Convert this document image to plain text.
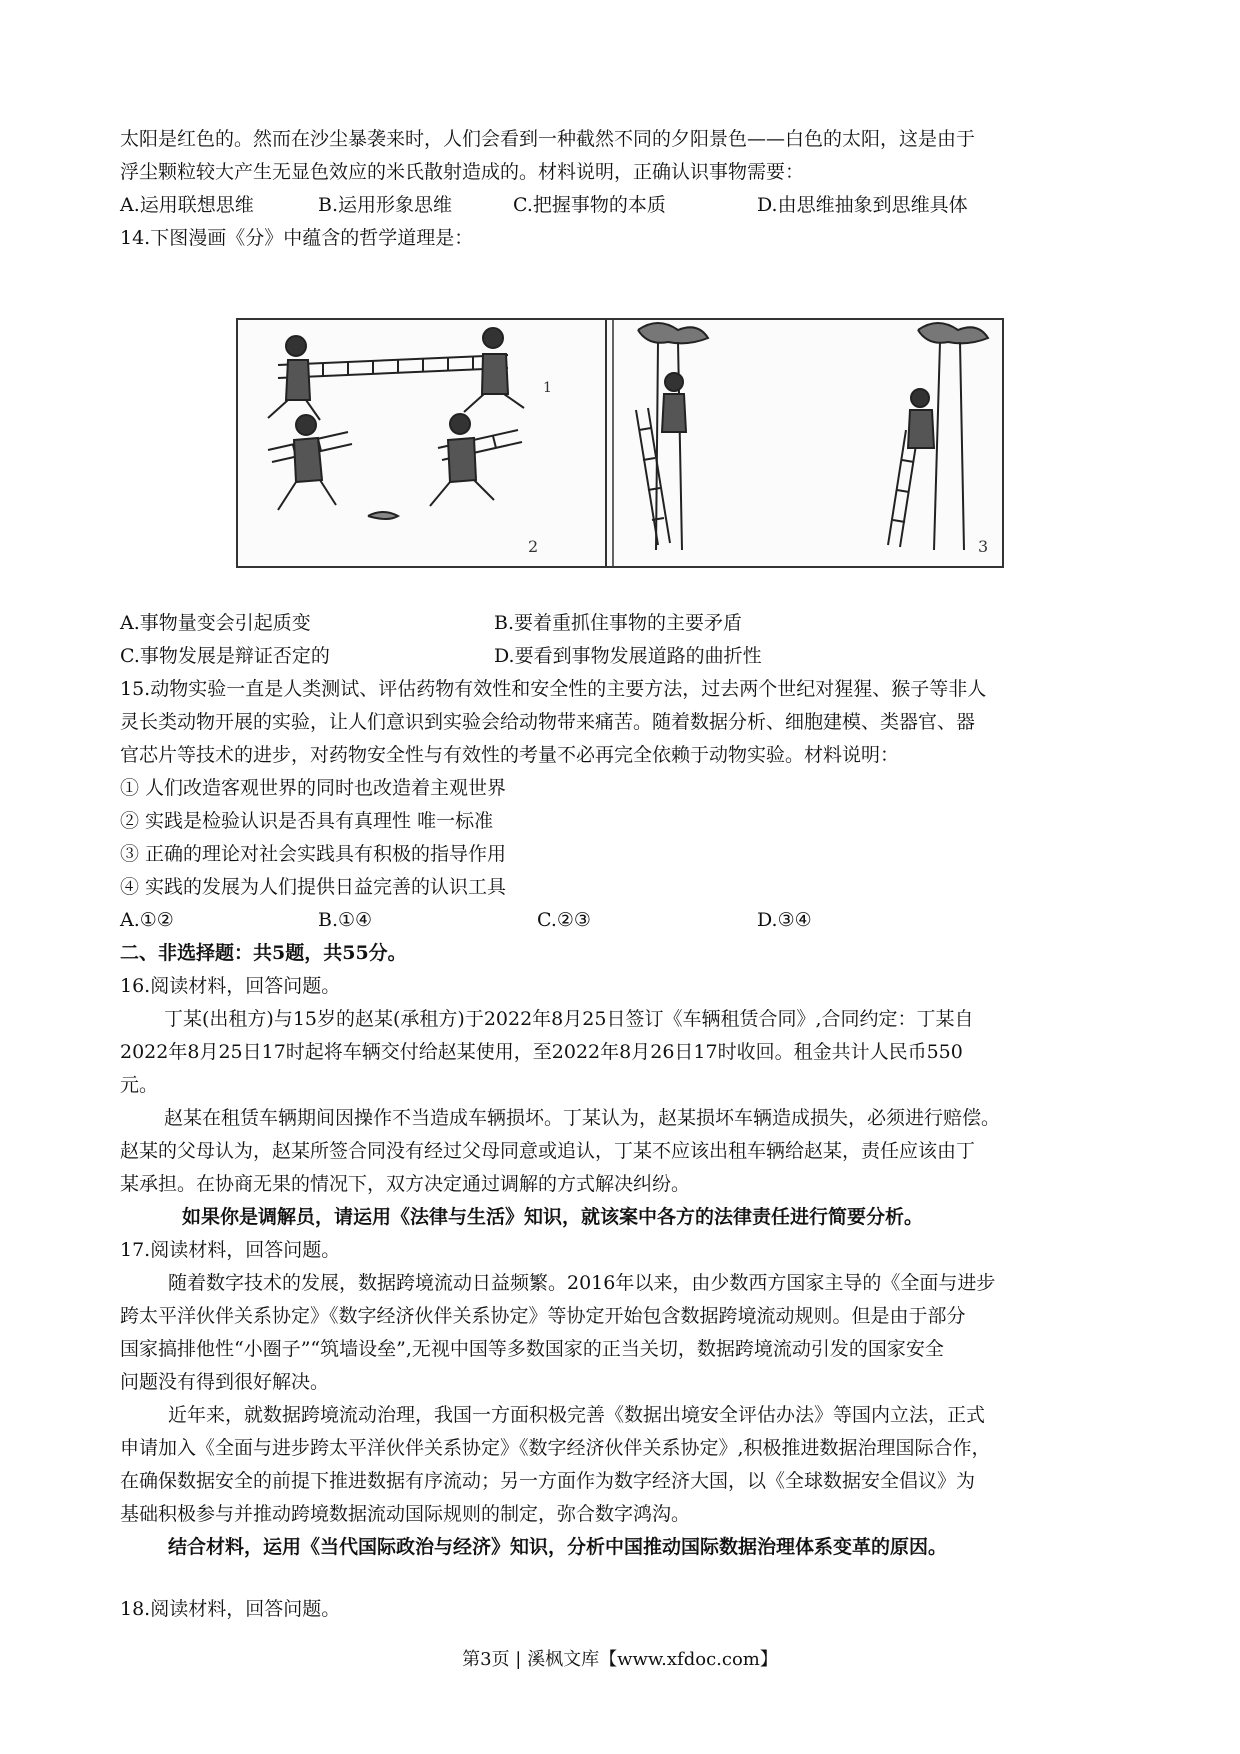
太阳是红色的。然而在沙尘暴袭来时，人们会看到一种截然不同的夕阳景色——白色的太阳，这是由于
浮尘颗粒较大产生无显色效应的米氏散射造成的。材料说明，正确认识事物需要：
A.运用联想思维	B.运用形象思维	C.把握事物的本质	D.由思维抽象到思维具体
14.下图漫画《分》中蕴含的哲学道理是：
1
2	3
A.事物量变会引起质变	B.要着重抓住事物的主要矛盾
C.事物发展是辩证否定的	D.要看到事物发展道路的曲折性
15.动物实验一直是人类测试、评估药物有效性和安全性的主要方法，过去两个世纪对猩猩、猴子等非人
灵长类动物开展的实验，让人们意识到实验会给动物带来痛苦。随着数据分析、细胞建模、类器官、器
官芯片等技术的进步，对药物安全性与有效性的考量不必再完全依赖于动物实验。材料说明：
① 人们改造客观世界的同时也改造着主观世界
② 实践是检验认识是否具有真理性 唯一标准
③ 正确的理论对社会实践具有积极的指导作用
④ 实践的发展为人们提供日益完善的认识工具
A.①②	B.①④	C.②③	D.③④
二、非选择题：共5题，共55分。
16.阅读材料，回答问题。
丁某(出租方)与15岁的赵某(承租方)于2022年8月25日签订《车辆租赁合同》,合同约定：丁某自
2022年8月25日17时起将车辆交付给赵某使用，至2022年8月26日17时收回。租金共计人民币550
元。
赵某在租赁车辆期间因操作不当造成车辆损坏。丁某认为，赵某损坏车辆造成损失，必须进行赔偿。
赵某的父母认为，赵某所签合同没有经过父母同意或追认，丁某不应该出租车辆给赵某，责任应该由丁
某承担。在协商无果的情况下，双方决定通过调解的方式解决纠纷。
如果你是调解员，请运用《法律与生活》知识，就该案中各方的法律责任进行简要分析。
17.阅读材料，回答问题。
随着数字技术的发展，数据跨境流动日益频繁。2016年以来，由少数西方国家主导的《全面与进步
跨太平洋伙伴关系协定》《数字经济伙伴关系协定》等协定开始包含数据跨境流动规则。但是由于部分
国家搞排他性“小圈子”“筑墙设垒”,无视中国等多数国家的正当关切，数据跨境流动引发的国家安全
问题没有得到很好解决。
近年来，就数据跨境流动治理，我国一方面积极完善《数据出境安全评估办法》等国内立法，正式
申请加入《全面与进步跨太平洋伙伴关系协定》《数字经济伙伴关系协定》,积极推进数据治理国际合作，
在确保数据安全的前提下推进数据有序流动；另一方面作为数字经济大国，以《全球数据安全倡议》为
基础积极参与并推动跨境数据流动国际规则的制定，弥合数字鸿沟。
结合材料，运用《当代国际政治与经济》知识，分析中国推动国际数据治理体系变革的原因。
18.阅读材料，回答问题。
第3页 | 溪枫文库【www.xfdoc.com】
